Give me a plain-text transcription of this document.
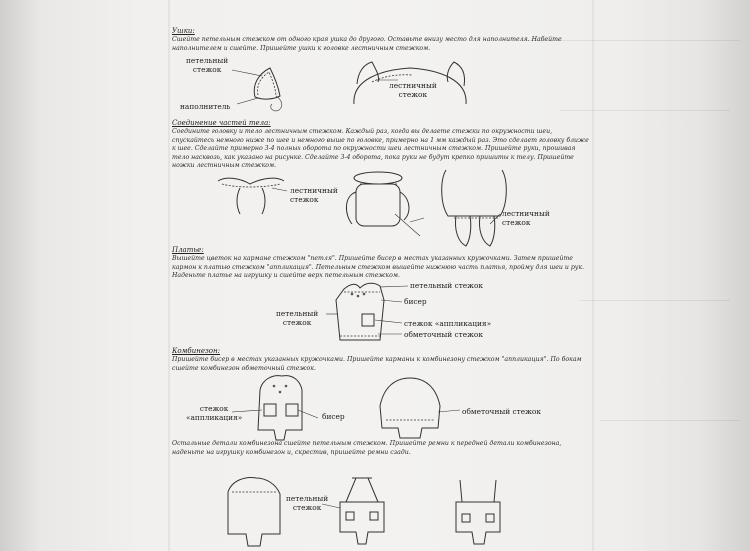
Ушки:
Сшейте петельным стежком от одного края ушка до другого. Оставьте внизу место для наполнителя. Набейте наполнителем и сшейте. Пришейте ушки к головке лестничным стежком.
Соединение частей тела:
Соедините головку и тело лестничным стежком. Каждый раз, когда вы делаете стежки по окружности шеи, спускайтесь немного ниже по шее и немного выше по головке, примерно на 1 мм каждый раз. Это сделает головку ближе к шее. Сделайте примерно 3-4 полных оборота по окружности шеи лестничным стежком. Пришейте руки, прошивая тело насквозь, как указано на рисунке. Сделайте 3-4 оборота, пока руки не будут крепко пришиты к телу. Пришейте ножки лестничным стежком.
Платье:
Вышейте цветок на кармане стежком "петля". Пришейте бисер в местах указанных кружочками. Затем пришейте кармон к платью стежком "аппликация". Петельным стежком вышейте нижнюю часть платья, пройму для шеи и рук. Наденьте платье на игрушку и сшейте верх петельным стежком.
Комбинезон:
Пришейте бисер в местах указанных кружочками. Пришейте карманы к комбинезону стежком "аппликация". По бокам сшейте комбинезон обметочный стежок.
Остальные детали комбинезона сшейте петельным стежком. Пришейте ремни к передней детали комбинезона, наденьте на игрушку комбинезон и, скрестив, пришейте ремни сзади.
петельный
стежок
наполнитель
лестничный
стежок
лестничный
стежок
лестничный
стежок
петельный стежок
бисер
петельный
стежок	стежок «аппликация»
обметочный стежок
стежок
«аппликация»	бисер
обметочный стежок
петельный
стежок
